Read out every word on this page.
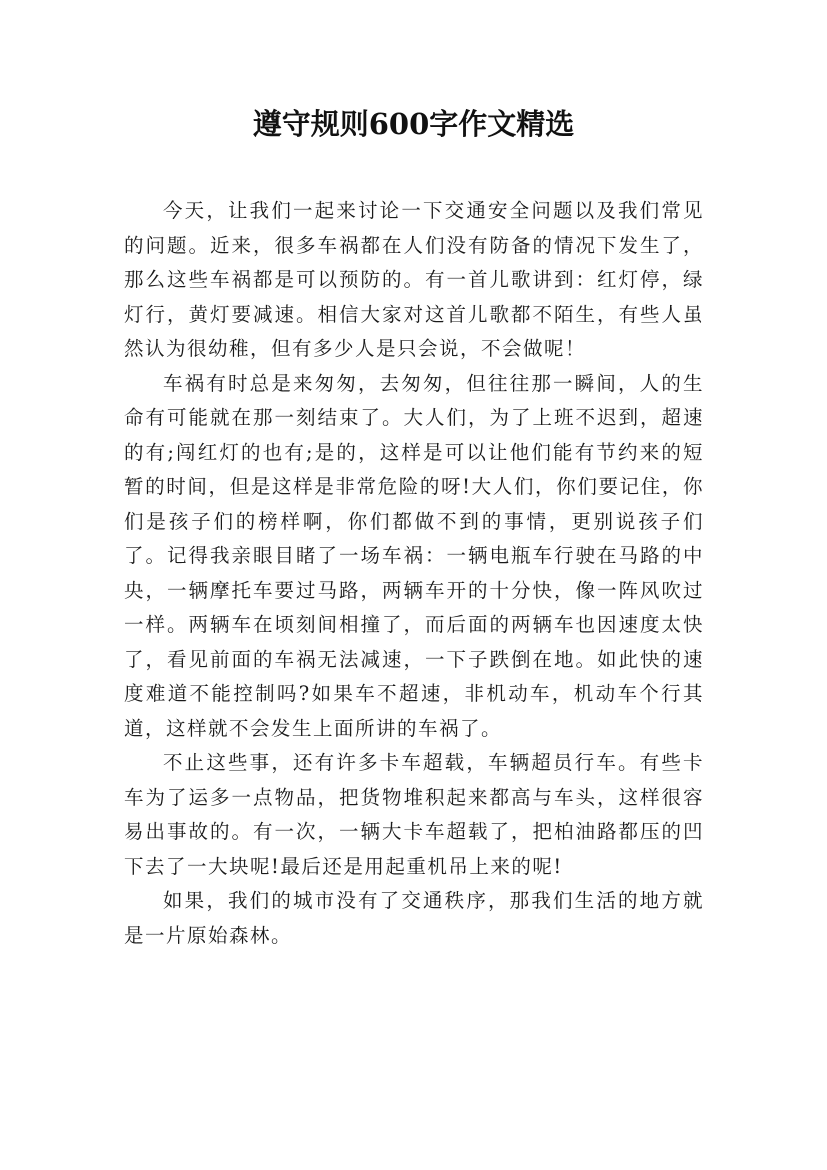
遵守规则600字作文精选

今天，让我们一起来讨论一下交通安全问题以及我们常见的问题。近来，很多车祸都在人们没有防备的情况下发生了，那么这些车祸都是可以预防的。有一首儿歌讲到：红灯停，绿灯行，黄灯要减速。相信大家对这首儿歌都不陌生，有些人虽然认为很幼稚，但有多少人是只会说，不会做呢！

车祸有时总是来匆匆，去匆匆，但往往那一瞬间，人的生命有可能就在那一刻结束了。大人们，为了上班不迟到，超速的有;闯红灯的也有;是的，这样是可以让他们能有节约来的短暂的时间，但是这样是非常危险的呀!大人们，你们要记住，你们是孩子们的榜样啊，你们都做不到的事情，更别说孩子们了。记得我亲眼目睹了一场车祸：一辆电瓶车行驶在马路的中央，一辆摩托车要过马路，两辆车开的十分快，像一阵风吹过一样。两辆车在顷刻间相撞了，而后面的两辆车也因速度太快了，看见前面的车祸无法减速，一下子跌倒在地。如此快的速度难道不能控制吗?如果车不超速，非机动车，机动车个行其道，这样就不会发生上面所讲的车祸了。

不止这些事，还有许多卡车超载，车辆超员行车。有些卡车为了运多一点物品，把货物堆积起来都高与车头，这样很容易出事故的。有一次，一辆大卡车超载了，把柏油路都压的凹下去了一大块呢!最后还是用起重机吊上来的呢!

如果，我们的城市没有了交通秩序，那我们生活的地方就是一片原始森林。
